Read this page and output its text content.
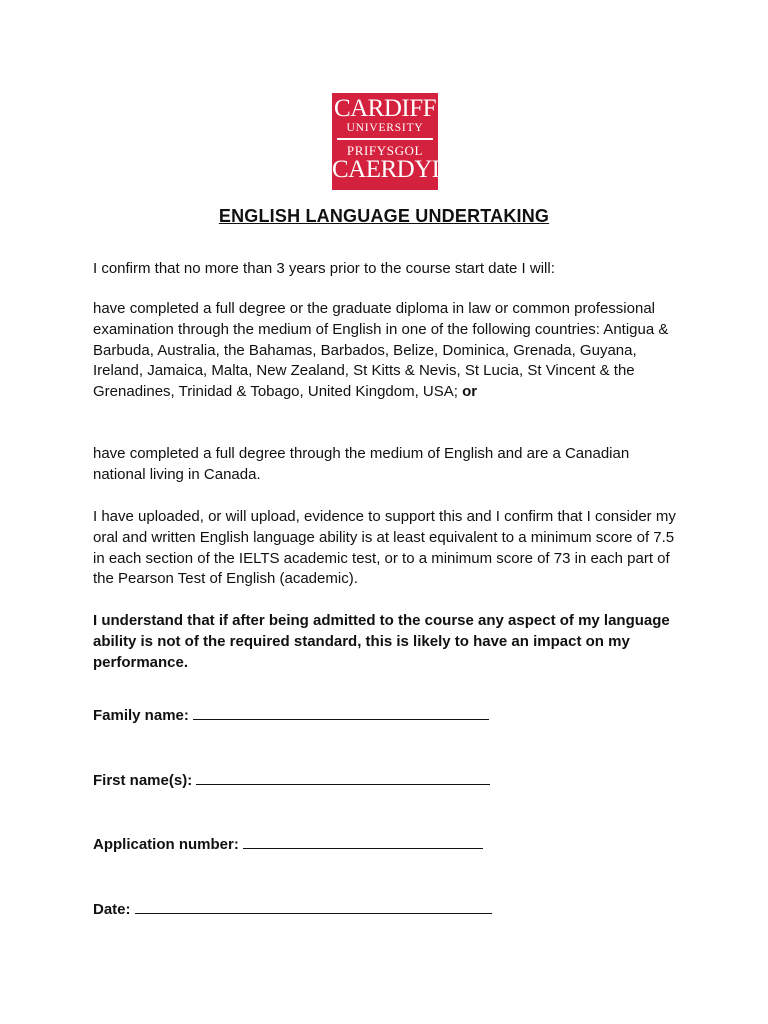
CARDIFF
UNIVERSITY
PRIFYSGOL
CAERDYDD
ENGLISH LANGUAGE UNDERTAKING

I confirm that no more than 3 years prior to the course start date I will:

have completed a full degree or the graduate diploma in law or common professional examination through the medium of English in one of the following countries: Antigua & Barbuda, Australia, the Bahamas, Barbados, Belize, Dominica, Grenada, Guyana, Ireland, Jamaica, Malta, New Zealand, St Kitts & Nevis, St Lucia, St Vincent & the Grenadines, Trinidad & Tobago, United Kingdom, USA; or

have completed a full degree through the medium of English and are a Canadian national living in Canada.

I have uploaded, or will upload, evidence to support this and I confirm that I consider my oral and written English language ability is at least equivalent to a minimum score of 7.5 in each section of the IELTS academic test, or to a minimum score of 73 in each part of the Pearson Test of English (academic).

I understand that if after being admitted to the course any aspect of my language ability is not of the required standard, this is likely to have an impact on my performance.

Family name:
First name(s):
Application number:
Date:
